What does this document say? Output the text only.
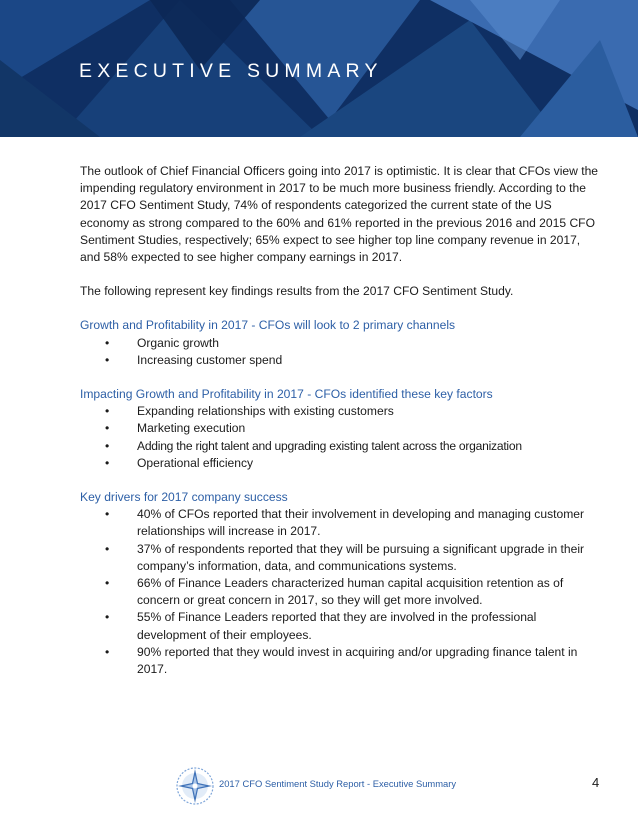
EXECUTIVE SUMMARY

The outlook of Chief Financial Officers going into 2017 is optimistic. It is clear that CFOs view the impending regulatory environment in 2017 to be much more business friendly. According to the 2017 CFO Sentiment Study, 74% of respondents categorized the current state of the US economy as strong compared to the 60% and 61% reported in the previous 2016 and 2015 CFO Sentiment Studies, respectively; 65% expect to see higher top line company revenue in 2017, and 58% expected to see higher company earnings in 2017.

The following represent key findings results from the 2017 CFO Sentiment Study.

Growth and Profitability in 2017 - CFOs will look to 2 primary channels

• Organic growth
• Increasing customer spend

Impacting Growth and Profitability in 2017 - CFOs identified these key factors

• Expanding relationships with existing customers
• Marketing execution
• Adding the right talent and upgrading existing talent across the organization
• Operational efficiency

Key drivers for 2017 company success

• 40% of CFOs reported that their involvement in developing and managing customer relationships will increase in 2017.
• 37% of respondents reported that they will be pursuing a significant upgrade in their company’s information, data, and communications systems.
• 66% of Finance Leaders characterized human capital acquisition retention as of concern or great concern in 2017, so they will get more involved.
• 55% of Finance Leaders reported that they are involved in the professional development of their employees.
• 90% reported that they would invest in acquiring and/or upgrading finance talent in 2017.
2017 CFO Sentiment Study Report - Executive Summary	4
